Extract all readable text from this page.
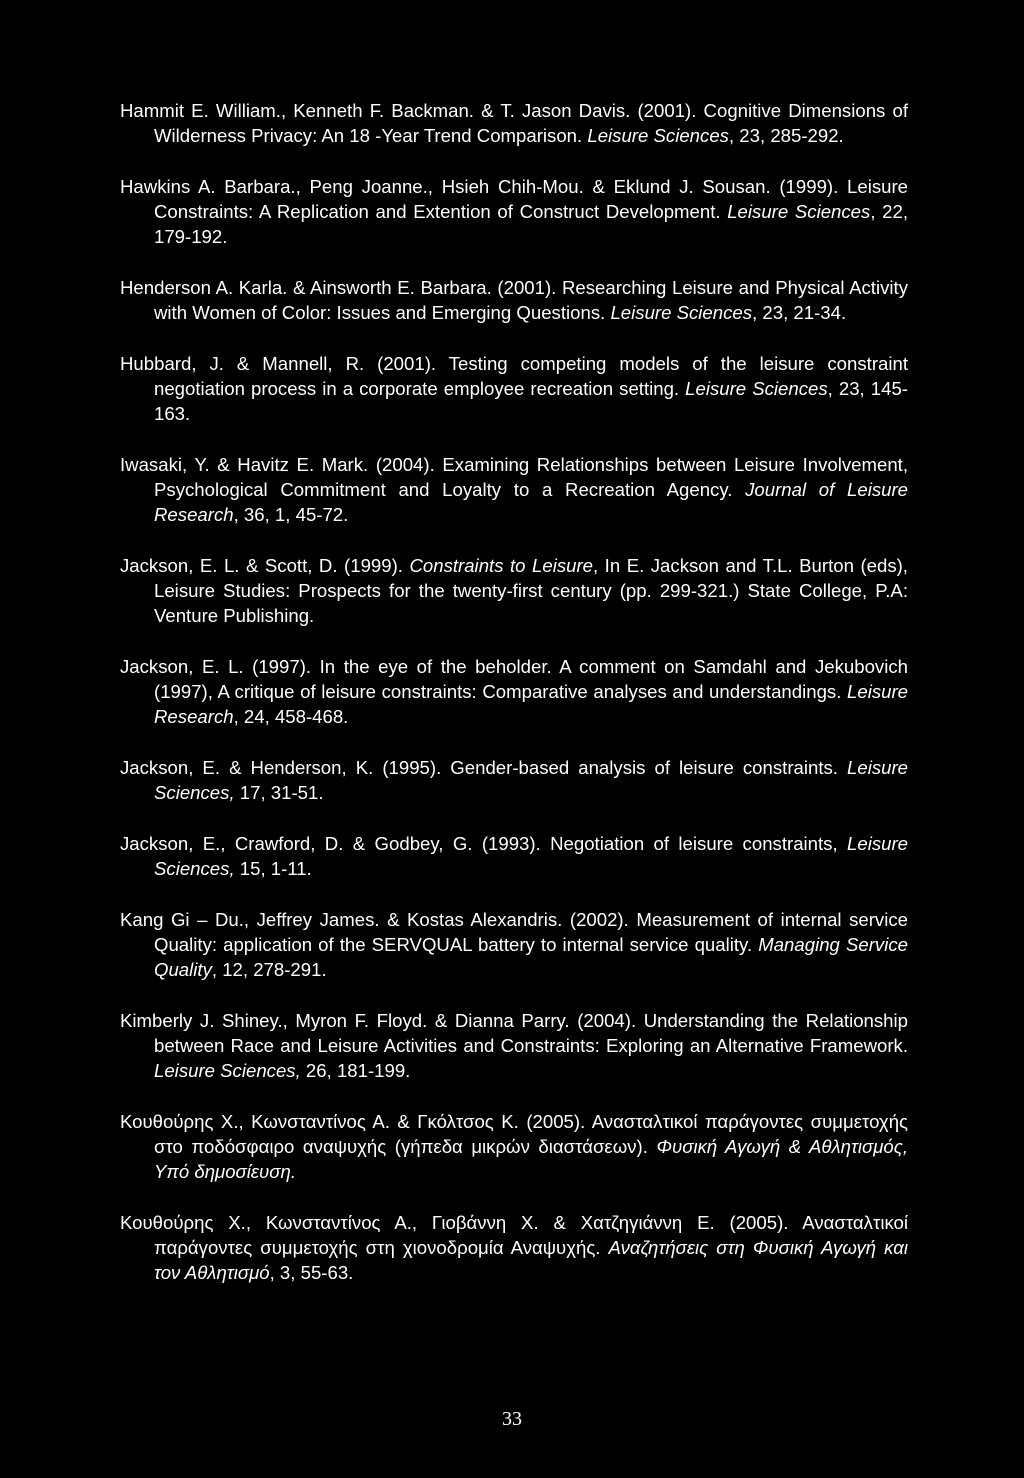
Hammit E. William., Kenneth F. Backman. & T. Jason Davis. (2001). Cognitive Dimensions of Wilderness Privacy: An 18 -Year Trend Comparison. Leisure Sciences, 23, 285-292.

Hawkins A. Barbara., Peng Joanne., Hsieh Chih-Mou. & Eklund J. Sousan. (1999). Leisure Constraints: A Replication and Extention of Construct Development. Leisure Sciences, 22, 179-192.

Henderson A. Karla. & Ainsworth E. Barbara. (2001). Researching Leisure and Physical Activity with Women of Color: Issues and Emerging Questions. Leisure Sciences, 23, 21-34.

Hubbard, J. & Mannell, R. (2001). Testing competing models of the leisure constraint negotiation process in a corporate employee recreation setting. Leisure Sciences, 23, 145-163.

Iwasaki, Y. & Havitz E. Mark. (2004). Examining Relationships between Leisure Involvement, Psychological Commitment and Loyalty to a Recreation Agency. Journal of Leisure Research, 36, 1, 45-72.

Jackson, E. L. & Scott, D. (1999). Constraints to Leisure, In E. Jackson and T.L. Burton (eds), Leisure Studies: Prospects for the twenty-first century (pp. 299-321.) State College, P.A: Venture Publishing.

Jackson, E. L. (1997). In the eye of the beholder. A comment on Samdahl and Jekubovich (1997), A critique of leisure constraints: Comparative analyses and understandings. Leisure Research, 24, 458-468.

Jackson, E. & Henderson, K. (1995). Gender-based analysis of leisure constraints. Leisure Sciences, 17, 31-51.

Jackson, E., Crawford, D. & Godbey, G. (1993). Negotiation of leisure constraints, Leisure Sciences, 15, 1-11.

Kang Gi – Du., Jeffrey James. & Kostas Alexandris. (2002). Measurement of internal service Quality: application of the SERVQUAL battery to internal service quality. Managing Service Quality, 12, 278-291.

Kimberly J. Shiney., Myron F. Floyd. & Dianna Parry. (2004). Understanding the Relationship between Race and Leisure Activities and Constraints: Exploring an Alternative Framework. Leisure Sciences, 26, 181-199.

Κουθούρης Χ., Κωνσταντίνος Α. & Γκόλτσος Κ. (2005). Ανασταλτικοί παράγοντες συμμετοχής στο ποδόσφαιρο αναψυχής (γήπεδα μικρών διαστάσεων). Φυσική Αγωγή & Αθλητισμός, Υπό δημοσίευση.

Κουθούρης Χ., Κωνσταντίνος Α., Γιοβάννη Χ. & Χατζηγιάννη Ε. (2005). Ανασταλτικοί παράγοντες συμμετοχής στη χιονοδρομία Αναψυχής. Αναζητήσεις στη Φυσική Αγωγή και τον Αθλητισμό, 3, 55-63.

33
